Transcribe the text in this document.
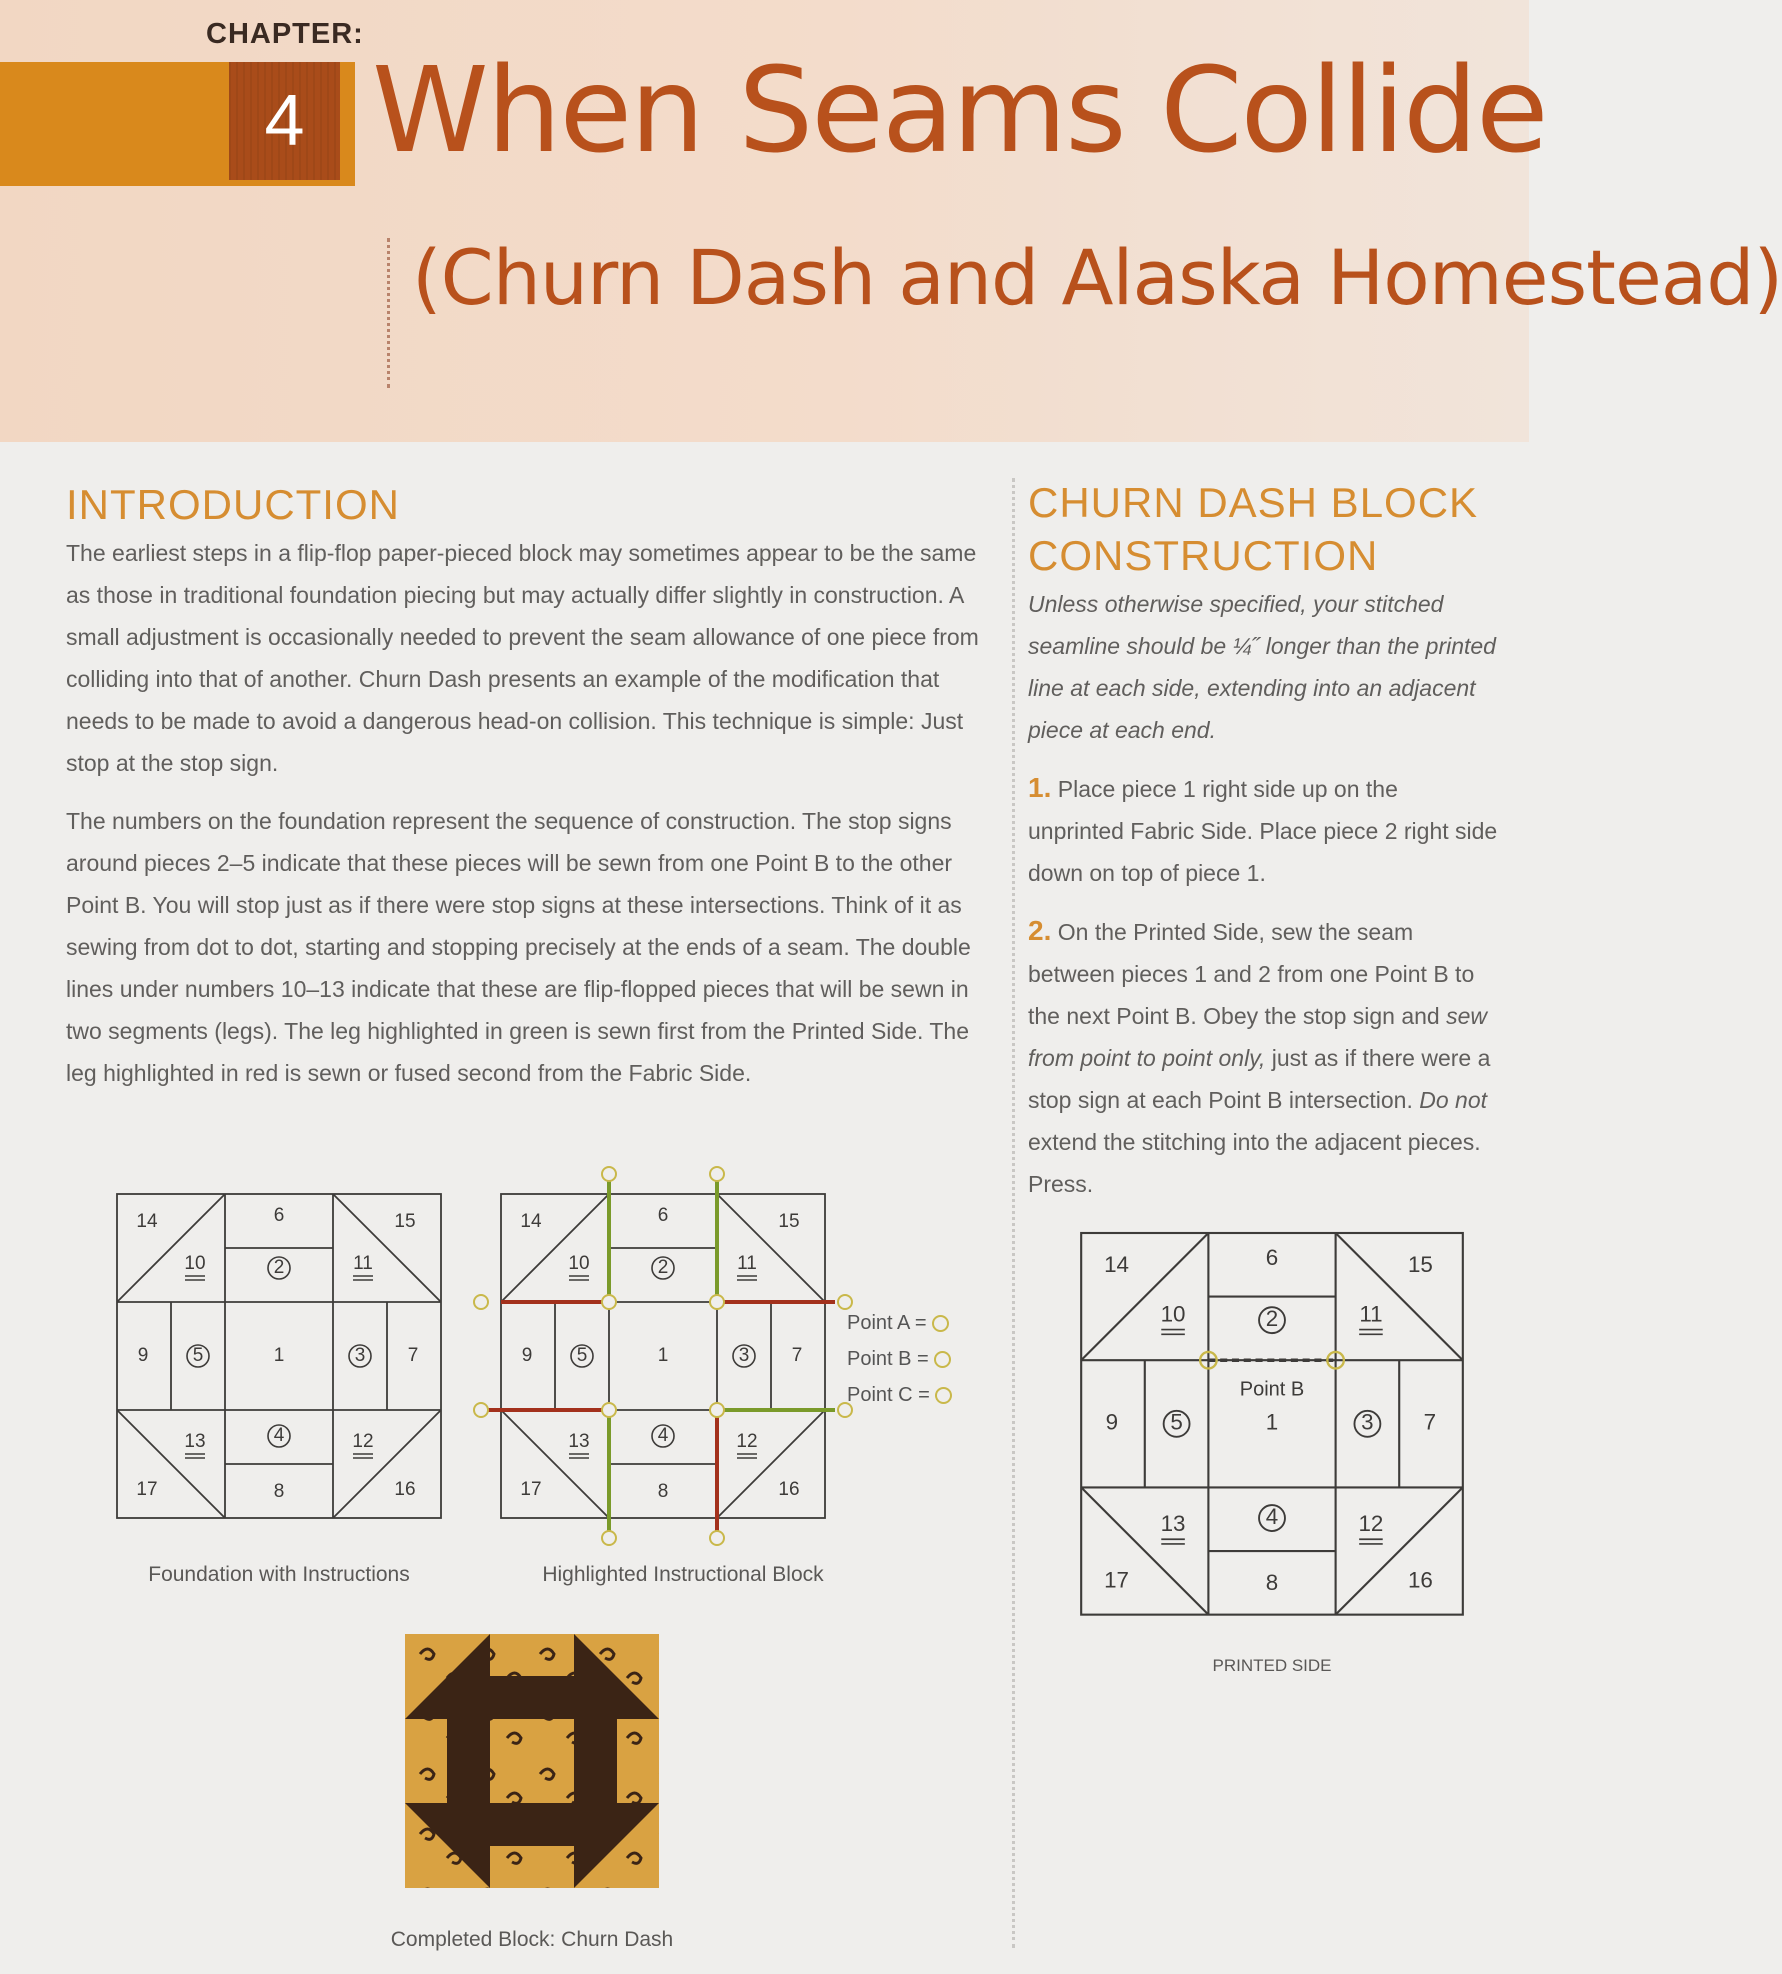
CHAPTER:

4 When Seams Collide
(Churn Dash and Alaska Homestead)
INTRODUCTION

The earliest steps in a flip-flop paper-pieced block may sometimes appear to be the same as those in traditional foundation piecing but may actually differ slightly in construction. A small adjustment is occasionally needed to prevent the seam allowance of one piece from colliding into that of another. Churn Dash presents an example of the modification that needs to be made to avoid a dangerous head-on collision. This technique is simple: Just stop at the stop sign.

The numbers on the foundation represent the sequence of construction. The stop signs around pieces 2–5 indicate that these pieces will be sewn from one Point B to the other Point B. You will stop just as if there were stop signs at these intersections. Think of it as sewing from dot to dot, starting and stopping precisely at the ends of a seam. The double lines under numbers 10–13 indicate that these are flip-flopped pieces that will be sewn in two segments (legs). The leg highlighted in green is sewn first from the Printed Side. The leg highlighted in red is sewn or fused second from the Fabric Side.

CHURN DASH BLOCK
CONSTRUCTION

Unless otherwise specified, your stitched seamline should be ¼˝ longer than the printed line at each side, extending into an adjacent piece at each end.

1. Place piece 1 right side up on the unprinted Fabric Side. Place piece 2 right side down on top of piece 1.

2. On the Printed Side, sew the seam between pieces 1 and 2 from one Point B to the next Point B. Obey the stop sign and sew from point to point only, just as if there were a stop sign at each Point B intersection. Do not extend the stitching into the adjacent pieces. Press.

14	15
17	16
6
9	7
8
1
2
3
4
5
10	11
12
13

Foundation with Instructions

14	15
17	16
6
9	7
8
1
2
3
4
5
10	11
12
13
Point A =
Point B =
Point C =

Highlighted Instructional Block

14	15
17	16
6
9	7
8
1
2
3
4
5
10	11
12
13
Point B

PRINTED SIDE

Completed Block: Churn Dash
